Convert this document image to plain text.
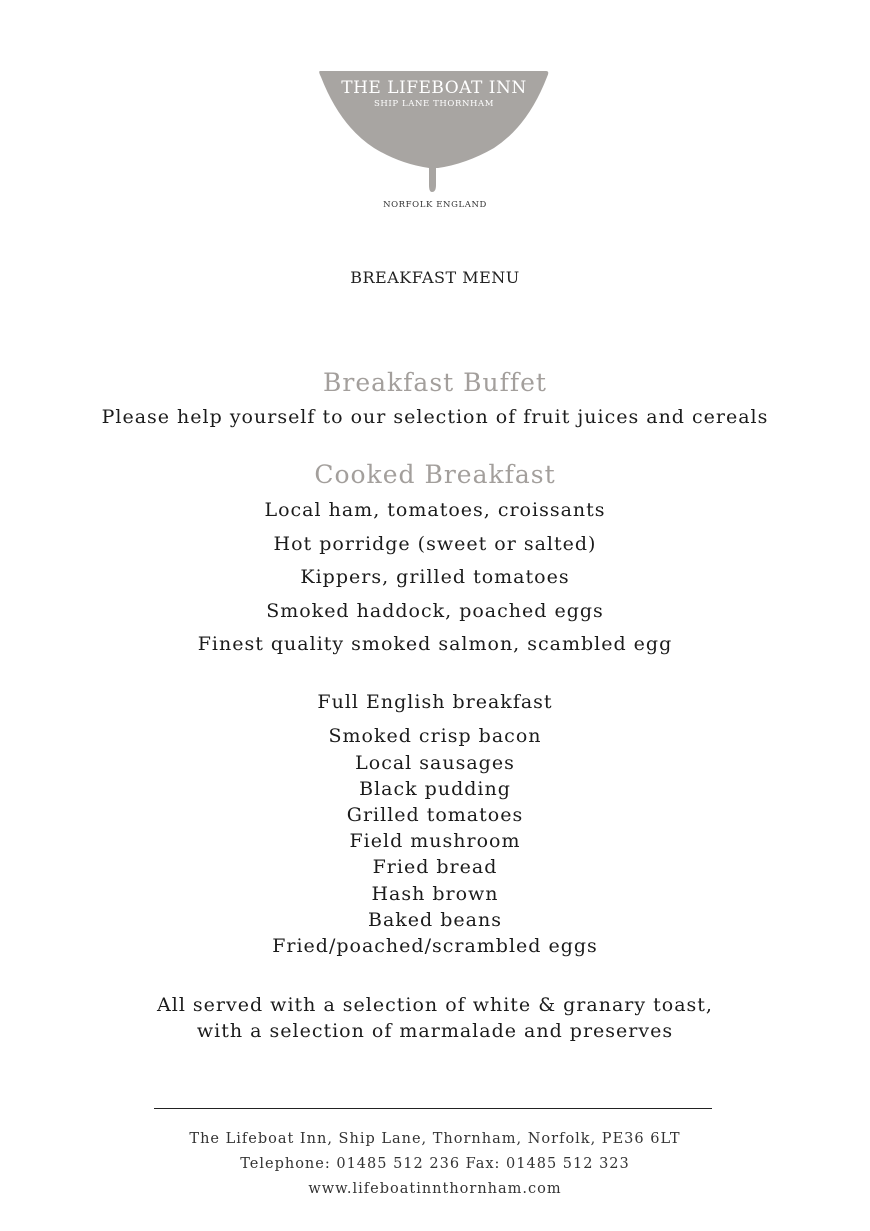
THE LIFEBOAT INN
SHIP LANE THORNHAM
NORFOLK ENGLAND
BREAKFAST MENU
Breakfast Buffet
Please help yourself to our selection of fruit juices and cereals
Cooked Breakfast
Local ham, tomatoes, croissants
Hot porridge (sweet or salted)
Kippers, grilled tomatoes
Smoked haddock, poached eggs
Finest quality smoked salmon, scambled egg
Full English breakfast
Smoked crisp bacon
Local sausages
Black pudding
Grilled tomatoes
Field mushroom
Fried bread
Hash brown
Baked beans
Fried/poached/scrambled eggs
All served with a selection of white & granary toast,
with a selection of marmalade and preserves
The Lifeboat Inn, Ship Lane, Thornham, Norfolk, PE36 6LT
Telephone: 01485 512 236 Fax: 01485 512 323
www.lifeboatinnthornham.com
